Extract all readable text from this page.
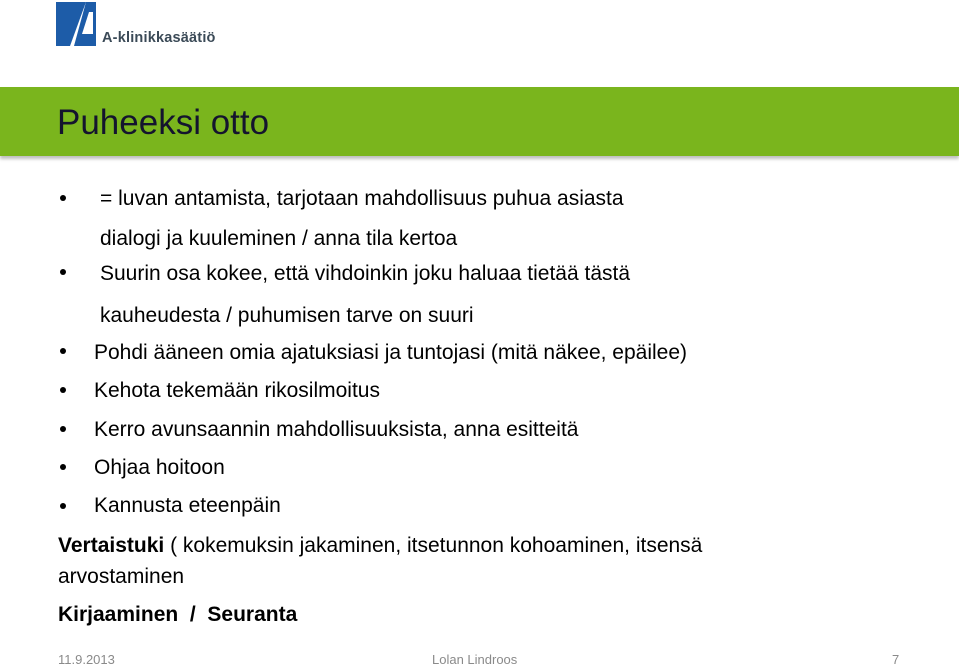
A-klinikkasäätiö
Puheeksi otto
= luvan antamista, tarjotaan mahdollisuus puhua asiasta
dialogi ja kuuleminen / anna tila kertoa
Suurin osa kokee, että vihdoinkin joku haluaa tietää tästä
kauheudesta / puhumisen tarve on suuri
Pohdi ääneen omia ajatuksiasi ja tuntojasi (mitä näkee, epäilee)
Kehota tekemään rikosilmoitus
Kerro avunsaannin mahdollisuuksista, anna esitteitä
Ohjaa hoitoon
Kannusta eteenpäin
Vertaistuki ( kokemuksin jakaminen, itsetunnon kohoaminen, itsensä
arvostaminen
Kirjaaminen  /  Seuranta
11.9.2013	Lolan Lindroos	7
